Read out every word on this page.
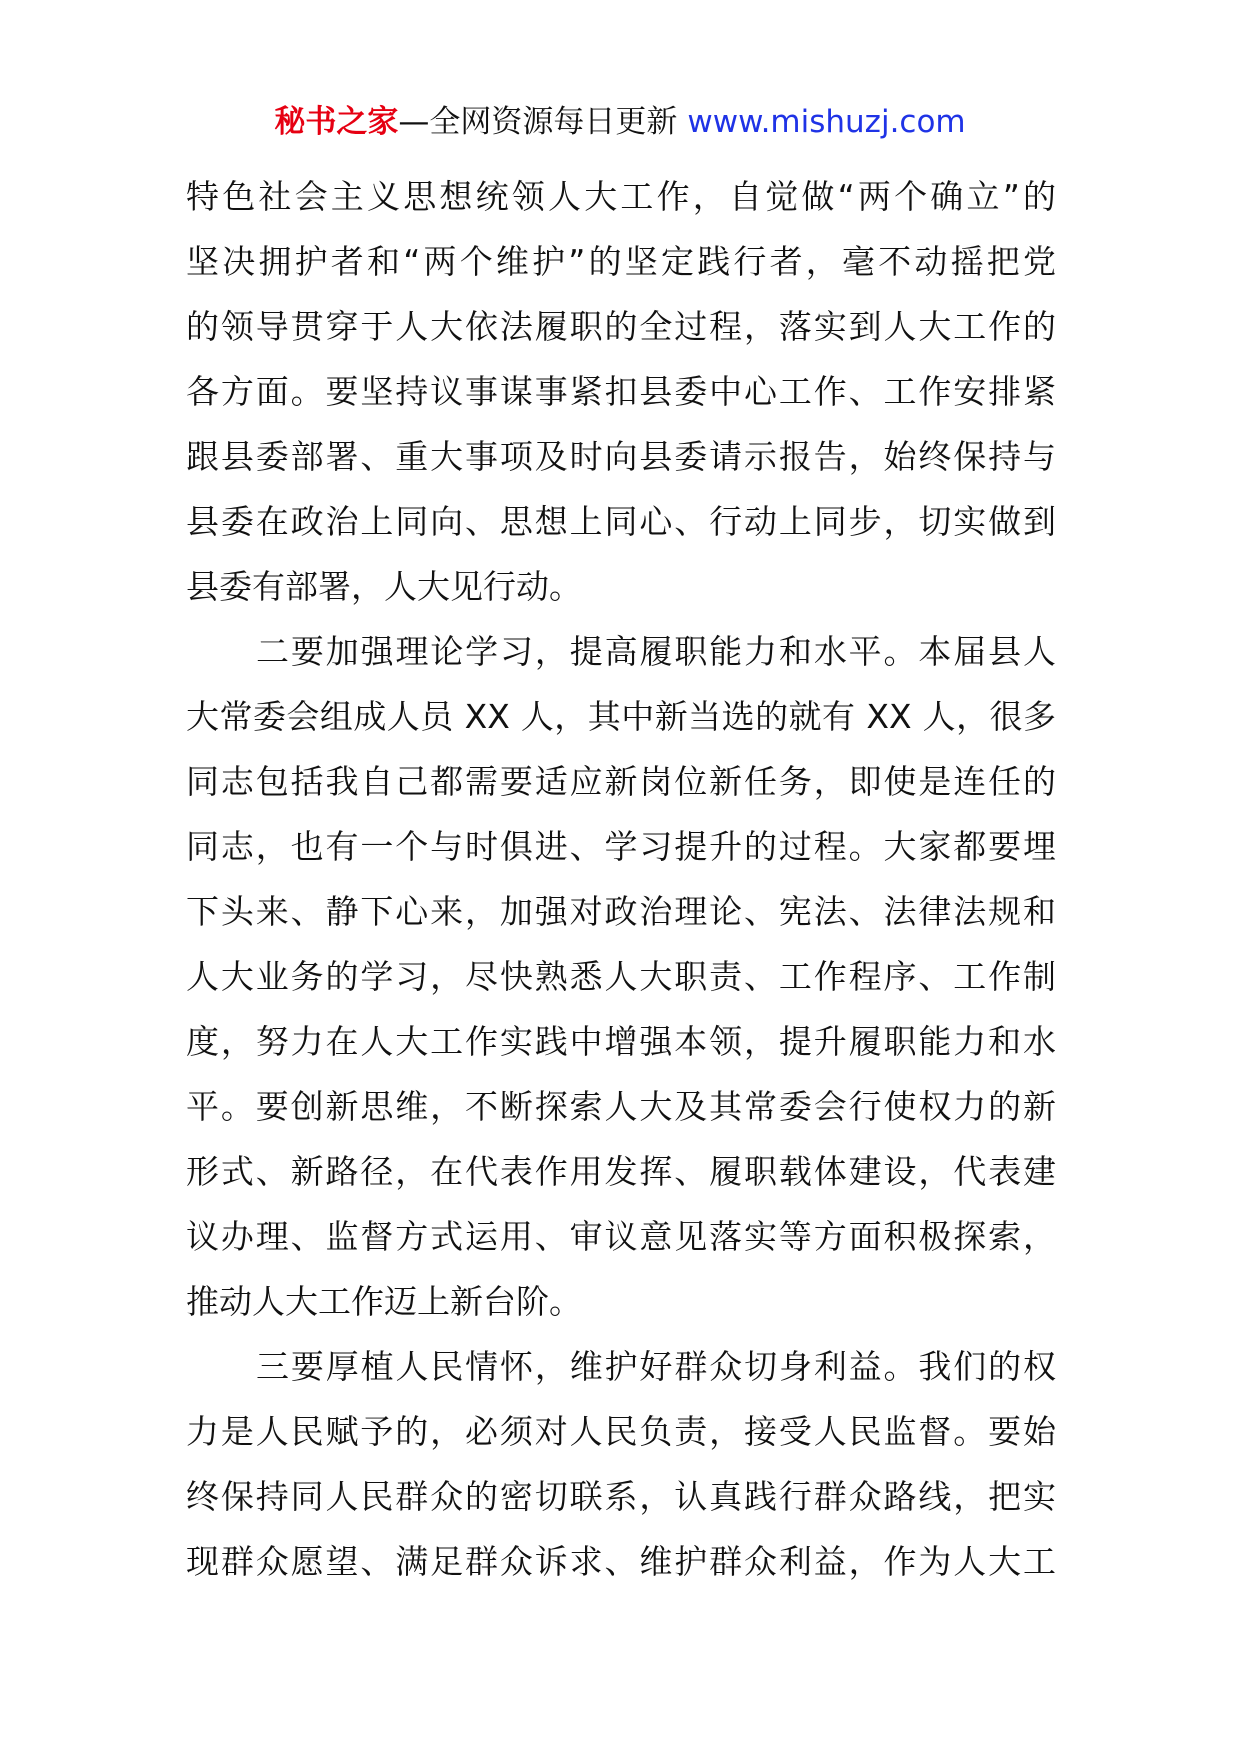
秘书之家—全网资源每日更新 www.mishuzj.com
特色社会主义思想统领人大工作，自觉做“两个确立”的
坚决拥护者和“两个维护”的坚定践行者，毫不动摇把党
的领导贯穿于人大依法履职的全过程，落实到人大工作的
各方面。要坚持议事谋事紧扣县委中心工作、工作安排紧
跟县委部署、重大事项及时向县委请示报告，始终保持与
县委在政治上同向、思想上同心、行动上同步，切实做到
县委有部署，人大见行动。
二要加强理论学习，提高履职能力和水平。本届县人
大常委会组成人员 XX 人，其中新当选的就有 XX 人，很多
同志包括我自己都需要适应新岗位新任务，即使是连任的
同志，也有一个与时俱进、学习提升的过程。大家都要埋
下头来、静下心来，加强对政治理论、宪法、法律法规和
人大业务的学习，尽快熟悉人大职责、工作程序、工作制
度，努力在人大工作实践中增强本领，提升履职能力和水
平。要创新思维，不断探索人大及其常委会行使权力的新
形式、新路径，在代表作用发挥、履职载体建设，代表建
议办理、监督方式运用、审议意见落实等方面积极探索，
推动人大工作迈上新台阶。
三要厚植人民情怀，维护好群众切身利益。我们的权
力是人民赋予的，必须对人民负责，接受人民监督。要始
终保持同人民群众的密切联系，认真践行群众路线，把实
现群众愿望、满足群众诉求、维护群众利益，作为人大工
